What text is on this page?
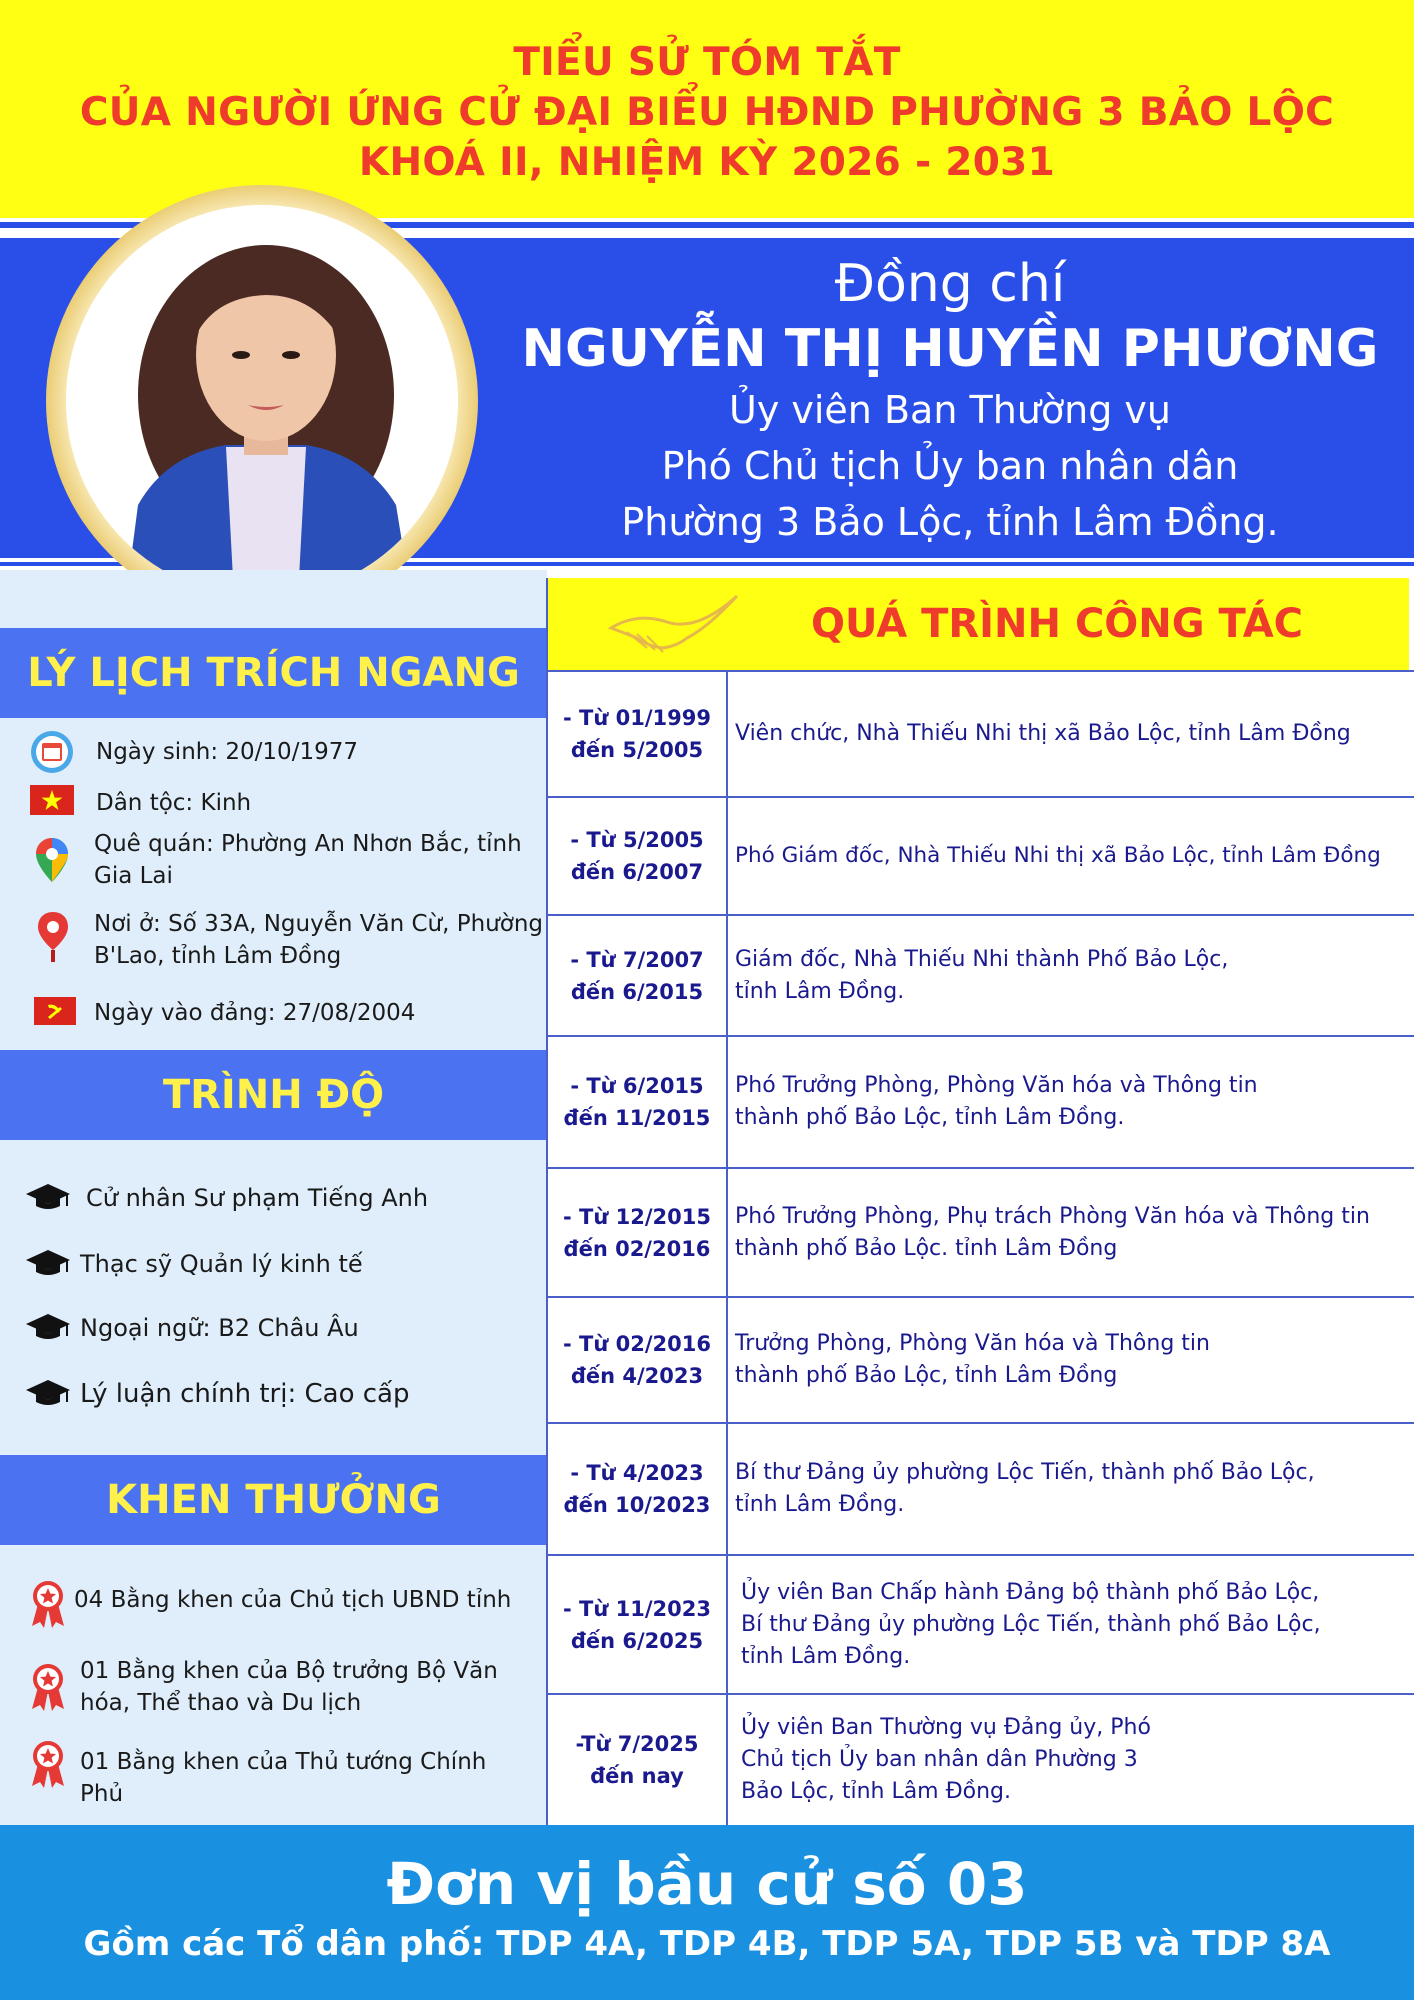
TIỂU SỬ TÓM TẮT
CỦA NGƯỜI ỨNG CỬ ĐẠI BIỂU HĐND PHƯỜNG 3 BẢO LỘC
KHOÁ II, NHIỆM KỲ 2026 - 2031
Đồng chí
NGUYỄN THỊ HUYỀN PHƯƠNG
Ủy viên Ban Thường vụ
Phó Chủ tịch Ủy ban nhân dân
Phường 3 Bảo Lộc, tỉnh Lâm Đồng.
LÝ LỊCH TRÍCH NGANG
Ngày sinh: 20/10/1977
Dân tộc: Kinh
Quê quán: Phường An Nhơn Bắc, tỉnh Gia Lai
Nơi ở: Số 33A, Nguyễn Văn Cừ, Phường B'Lao, tỉnh Lâm Đồng
Ngày vào đảng: 27/08/2004
TRÌNH ĐỘ
Cử nhân Sư phạm Tiếng Anh
Thạc sỹ Quản lý kinh tế
Ngoại ngữ: B2 Châu Âu
Lý luận chính trị: Cao cấp
KHEN THƯỞNG
04 Bằng khen của Chủ tịch UBND tỉnh
01 Bằng khen của Bộ trưởng Bộ Văn hóa, Thể thao và Du lịch
01 Bằng khen của Thủ tướng Chính Phủ
QUÁ TRÌNH CÔNG TÁC
- Từ 01/1999
đến 5/2005
Viên chức, Nhà Thiếu Nhi thị xã Bảo Lộc, tỉnh Lâm Đồng
- Từ 5/2005
đến 6/2007
Phó Giám đốc, Nhà Thiếu Nhi thị xã Bảo Lộc, tỉnh Lâm Đồng
- Từ 7/2007
đến 6/2015
Giám đốc, Nhà Thiếu Nhi thành Phố Bảo Lộc, tỉnh Lâm Đồng.
- Từ 6/2015
đến 11/2015
Phó Trưởng Phòng, Phòng Văn hóa và Thông tin thành phố Bảo Lộc, tỉnh Lâm Đồng.
- Từ 12/2015
đến 02/2016
Phó Trưởng Phòng, Phụ trách Phòng Văn hóa và Thông tin thành phố Bảo Lộc. tỉnh Lâm Đồng
- Từ 02/2016
đến 4/2023
Trưởng Phòng, Phòng Văn hóa và Thông tin thành phố Bảo Lộc, tỉnh Lâm Đồng
- Từ 4/2023
đến 10/2023
Bí thư Đảng ủy phường Lộc Tiến, thành phố Bảo Lộc, tỉnh Lâm Đồng.
- Từ 11/2023
đến 6/2025
Ủy viên Ban Chấp hành Đảng bộ thành phố Bảo Lộc, Bí thư Đảng ủy phường Lộc Tiến, thành phố Bảo Lộc, tỉnh Lâm Đồng.
-Từ 7/2025
đến nay
Ủy viên Ban Thường vụ Đảng ủy, Phó Chủ tịch Ủy ban nhân dân Phường 3 Bảo Lộc, tỉnh Lâm Đồng.
Đơn vị bầu cử số 03
Gồm các Tổ dân phố: TDP 4A, TDP 4B, TDP 5A, TDP 5B và TDP 8A
